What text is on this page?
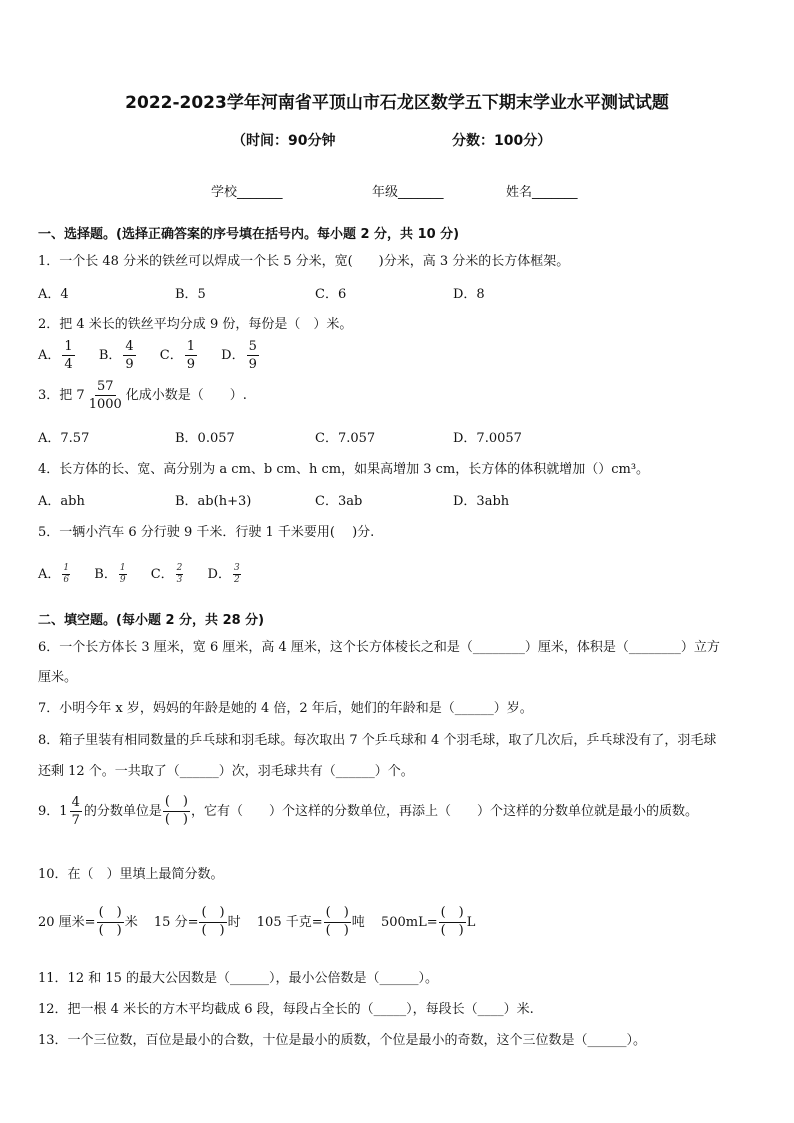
2022-2023学年河南省平顶山市石龙区数学五下期末学业水平测试试题
（时间：90分钟	分数：100分）
学校_______	年级_______	姓名_______
一、选择题。(选择正确答案的序号填在括号内。每小题 2 分，共 10 分)
1．一个长 48 分米的铁丝可以焊成一个长 5 分米，宽(　　)分米，高 3 分米的长方体框架。
A．4	B．5	C．6	D．8
2．把 4 米长的铁丝平均分成 9 份，每份是（　）米。
A． $\frac{1}{4}$ B． $\frac{4}{9}$ C． $\frac{1}{9}$ D． $\frac{5}{9}$
3．把 $7 \frac{57}{1000}$ 化成小数是（　　）.
A．7.57	B．0.057	C．7.057	D．7.0057
4．长方体的长、宽、高分别为 a cm、b cm、h cm，如果高增加 3 cm，长方体的体积就增加（）cm³。
A．abh	B．ab(h+3)	C．3ab	D．3abh
5．一辆小汽车 6 分行驶 9 千米．行驶 1 千米要用(　 )分.
A． $\frac{1}{6}$ B． $\frac{1}{9}$ C． $\frac{2}{3}$ D． $\frac{3}{2}$
二、填空题。(每小题 2 分，共 28 分)
6．一个长方体长 3 厘米，宽 6 厘米，高 4 厘米，这个长方体棱长之和是（________）厘米，体积是（________）立方
厘米。
7．小明今年 x 岁，妈妈的年龄是她的 4 倍，2 年后，她们的年龄和是（______）岁。
8．箱子里装有相同数量的乒乓球和羽毛球。每次取出 7 个乒乓球和 4 个羽毛球，取了几次后，乒乓球没有了，羽毛球
还剩 12 个。一共取了（______）次，羽毛球共有（______）个。
9． $1 \frac{4}{7}$ 的分数单位是
(　)
(　)
，它有（　　）个这样的分数单位，再添上（　　）个这样的分数单位就是最小的质数。
10．在（　）里填上最简分数。
20 厘米=
(　)
(　)
米 15 分=
(　)
(　)
时 105 千克=
(　)
(　)
吨 500mL=
(　)
(　)
L
11．12 和 15 的最大公因数是（______），最小公倍数是（______）。
12．把一根 4 米长的方木平均截成 6 段，每段占全长的（_____），每段长（____）米.
13．一个三位数，百位是最小的合数，十位是最小的质数，个位是最小的奇数，这个三位数是（______）。
